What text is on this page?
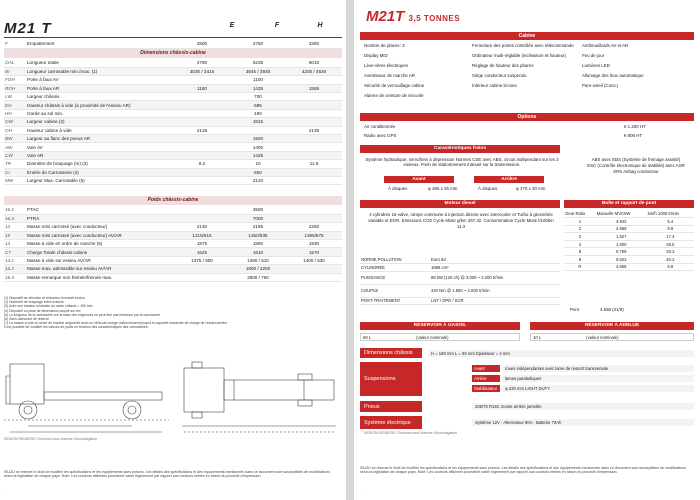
M21 T	E	F	H
OAL	Longueur totale	4780	5235	6015
W	Longueur carrosable min./max. (1)	3030 / 3415	3545 / 3930	4205 / 4530
FOH	Porte à faux AV		1100	
ROH	Porte à faux AR	1180	1435	1555
LW	Largeur châssis		700	
EH	Hauteur châssis à vide (à proximité de l'essieu AR)		695	
HH	Garde au sol min.		190	
OW	Largeur cabine (2)		1815	
OH	Hauteur cabine à vide	2125		2135
BW	Largeur au flanc des pneus AR		1920	
AW	Voie AV		1400	
CW	Voie AR		1425	
TR	Diamètre de braquage (m) (3)	9.2	10	11.9
CI	Entrée de Carrosserie (4)		650	
MW	Largeur Max. Carrosable (5)		2120	
Dimensions châssis-cabine
Poids châssis-cabine
16.1	PTAC		3500	
16.4	PTRA		7000	
13	Masse mini carrossé (avec conducteur)	2130	2185	2260
15	Masse mini carrossé (avec conducteur) AV/AR	1315/815	1350/835	1385/875
14	Masse à vide en ordre de marche (6)	1875	1890	1930
CT	Charge Totale châssis-cabine	1625	1610	1570
14.1	Masse à vide sur essieu AV/AR	1375 / 500	1380 / 510	1400 / 530
16.2	Masse max. admissible sur essieu AV/AR		1800 / 2200	
16.3	Masse remorque non freinée/freinée max.		3500 / 750	
(1) Dispositif de direction et réducteur éventuel exclus
(2) Diamètre de braquage entre trottoirs
(3) Avec une hauteur minimale du cadre châssis = 150 mm
(4) Dispositif ou prise de dimensions couple sur les
(5) La longueur de la carrosserie sur la base des exigences ne peut être pas influencé par la carrosserie
(6) Sans carburant de réserve
(7) La masse à vide en ordre de marche augmente avec un véhicule chargé uniformément jusqu'à la capacité maximale de charge de l'essieu arrière
Il est possible de modifier les valeurs de poids en fonction des caractéristiques des carrosseries.
DESIGN RENDERS: Données sous réserve d'homologation
ISUZU se réserve le droit de modifier les spécifications et les équipements sans préavis. Les détails des spécifications et des équipements mentionnés dans ce document sont susceptibles de modifications selon la législation de chaque pays. Note: Les couleurs affichées pourraient varier légèrement par rapport aux couleurs réelles en raison du procédé d'impression.
·
F	Empattement	2500	2750	3360
M21T 3,5 TONNES
Cabine
Nombre de places: 3
Display MID
Lève-vitres électriques
Avertisseur de marche AR
Sécurité de verrouillage cabine
Alarme de ceinture de sécurité
Fermeture des portes contrôlée avec télécommande
Ordinateur multi-réglable (inclinaison et hauteur)
Réglage de hauteur des phares
Siège conducteur suspendu
Intérieur cabine bi-tons
Antibrouillards AV et AR
Feu de jour
Lumières LED
Allumage des feux automatique
Pare-soleil (Cons.)
Options
Air conditionnée	€ 1.200 HT
Radio avec GPS	€ 805 HT
Caractéristiques freins
Système hydraulique, servofrein à dépression Normes CSE avec ABS, circuit indépendant sur les 2 essieux. Frein de stationnement manuel sur la transmission.
Avant	Arrière
À disques	φ 265 x 35 mm	À disques	φ 275 x 30 mm
ABS avec EBS (Système de freinage assisté)
ESC (Contrôle électronique de stabilité) avec ASR
SRS Airbag conducteur
Moteur diesel	Boîte et rapport de pont
4 cylindres 16-valve, rampe commune à injection directe avec intercooler et Turbo à géométrie variable et EGR. Emissions CO2 Cycle Mixte g/km 297.32. Consommation Cycle Mixte l/100km 11.3
Gear Ratio	Manuelle MVC6W	km/h 1000 tr/min
1	4.942	5.4
2	2.669	9.9
3	1.527	17.4
4	1.000	26.5
5	0.756	33.3
6	0.623	40.2
R	4.556	5.8
NORME POLLUTION	Euro 6d
CYLINDRÉE	1898 cm³
PUISSANCE	88 kW (120 ch) @ 3.000 ~ 3.200 tr/min
COUPLE	320 Nm @ 1.600 ~ 2.000 tr/min
POST-TRAITEMENT	LNT / DPD / SCR
Pont	4.556 (41/9)
RÉSERVOIR À GASOIL	RÉSERVOIR À ADBLUE
68 L	(valeur nominale)	10 L	(valeur nominale)
Dimensions châssis	H = 180 mm L = 50 mm Épaisseur = 4 mm
Suspensions
Avant	roues indépendantes avec lame de ressort transversale
Arrière	lames paraboliques
Stabilisateur	φ 220 mm LIGHT DUTY
Pneus	205/70 R15C monte arrière jumelée
Système électrique	Système 12V - Alternateur 90A - Batterie 70Ah
DESIGN RENDERS: Données sous réserve d'homologation
ISUZU se réserve le droit de modifier les spécifications et les équipements sans préavis. Les détails des spécifications et des équipements mentionnés dans ce document sont susceptibles de modifications selon la législation de chaque pays. Note: Les couleurs affichées pourraient varier légèrement par rapport aux couleurs réelles en raison du procédé d'impression.
·
